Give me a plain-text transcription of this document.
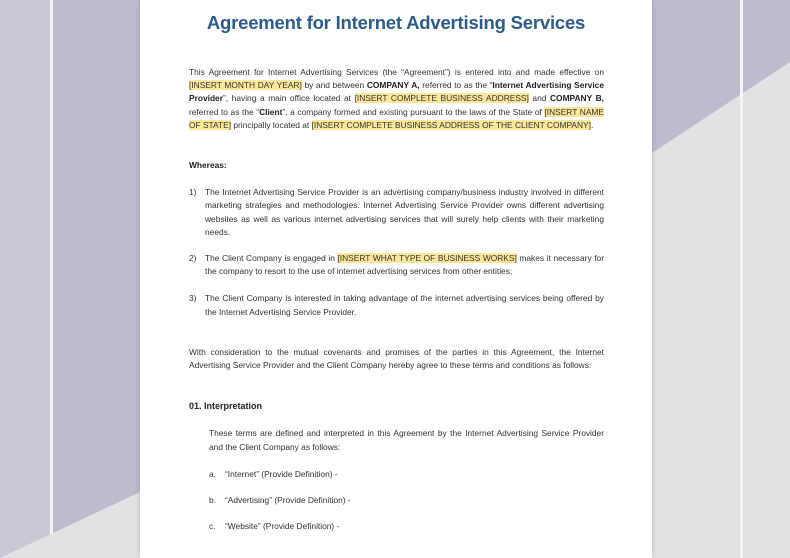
Agreement for Internet Advertising Services

This Agreement for Internet Advertising Services (the “Agreement”) is entered into and made effective on [INSERT MONTH DAY YEAR] by and between COMPANY A, referred to as the “Internet Advertising Service Provider”, having a main office located at [INSERT COMPLETE BUSINESS ADDRESS] and COMPANY B, referred to as the “Client”, a company formed and existing pursuant to the laws of the State of [INSERT NAME OF STATE] principally located at [INSERT COMPLETE BUSINESS ADDRESS OF THE CLIENT COMPANY].

Whereas:

1)	The Internet Advertising Service Provider is an advertising company/business industry involved in different marketing strategies and methodologies. Internet Advertising Service Provider owns different advertising websites as well as various internet advertising services that will surely help clients with their marketing needs.

2)	The Client Company is engaged in [INSERT WHAT TYPE OF BUSINESS WORKS] makes it necessary for the company to resort to the use of internet advertising services from other entities;

3)	The Client Company is interested in taking advantage of the internet advertising services being offered by the Internet Advertising Service Provider.

With consideration to the mutual covenants and promises of the parties in this Agreement, the Internet Advertising Service Provider and the Client Company hereby agree to these terms and conditions as follows:

01. Interpretation

These terms are defined and interpreted in this Agreement by the Internet Advertising Service Provider and the Client Company as follows:

a.	“Internet” (Provide Definition) -
b.	“Advertising” (Provide Definition) -
c.	“Website” (Provide Definition) -
